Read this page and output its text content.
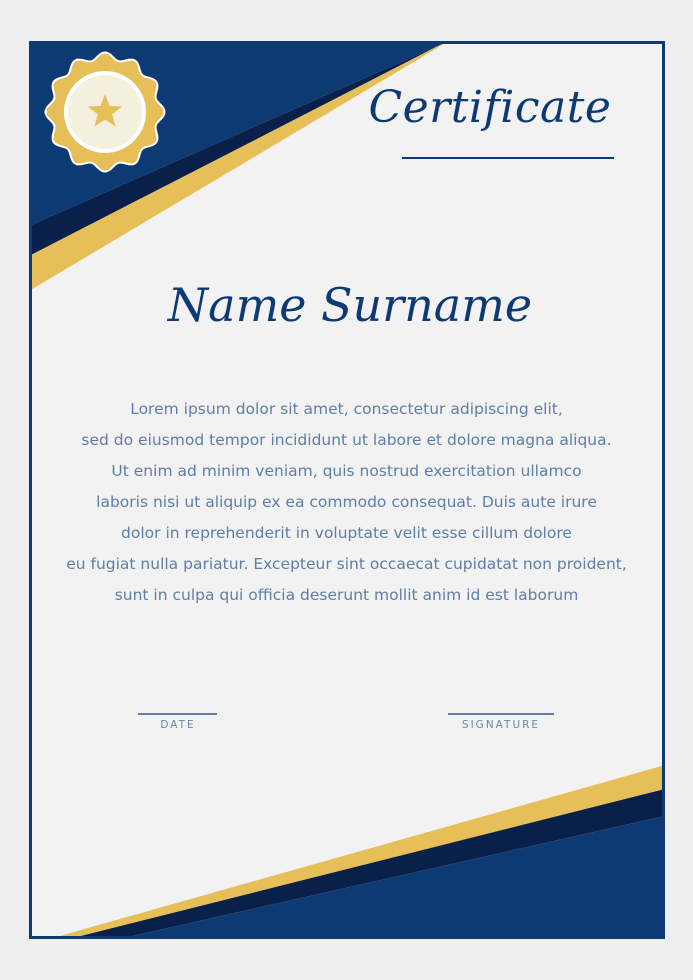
Certificate
Name Surname
Lorem ipsum dolor sit amet, consectetur adipiscing elit,
sed do eiusmod tempor incididunt ut labore et dolore magna aliqua.
Ut enim ad minim veniam, quis nostrud exercitation ullamco
laboris nisi ut aliquip ex ea commodo consequat. Duis aute irure
dolor in reprehenderit in voluptate velit esse cillum dolore
eu fugiat nulla pariatur. Excepteur sint occaecat cupidatat non proident,
sunt in culpa qui officia deserunt mollit anim id est laborum
DATE	SIGNATURE
